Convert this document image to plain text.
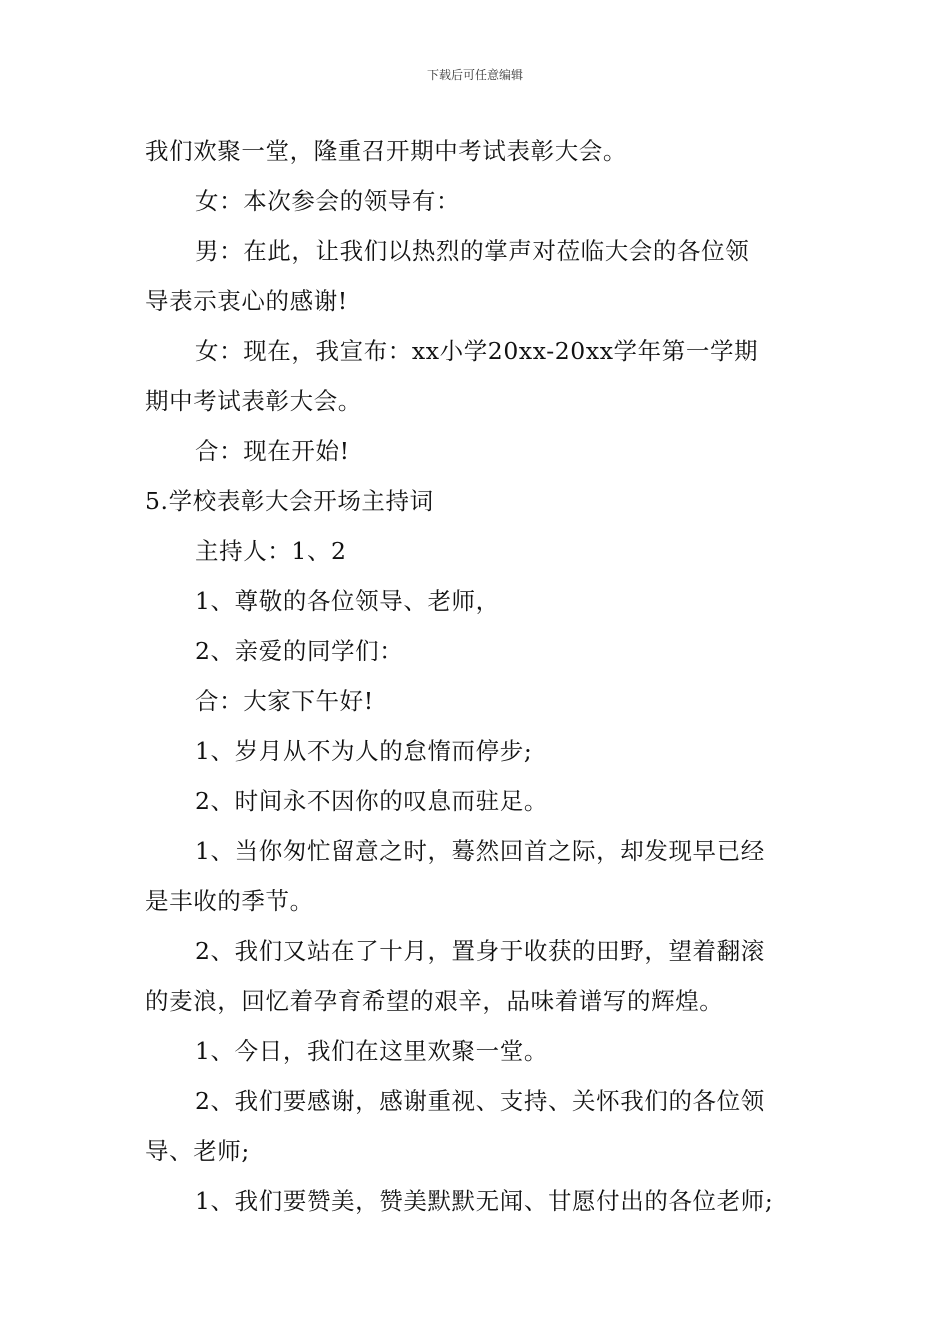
下载后可任意编辑
我们欢聚一堂，隆重召开期中考试表彰大会。
女：本次参会的领导有：
男：在此，让我们以热烈的掌声对莅临大会的各位领
导表示衷心的感谢!
女：现在，我宣布：xx小学20xx-20xx学年第一学期
期中考试表彰大会。
合：现在开始!
5.学校表彰大会开场主持词
主持人：1、2
1、尊敬的各位领导、老师，
2、亲爱的同学们：
合：大家下午好!
1、岁月从不为人的怠惰而停步;
2、时间永不因你的叹息而驻足。
1、当你匆忙留意之时，蓦然回首之际，却发现早已经
是丰收的季节。
2、我们又站在了十月，置身于收获的田野，望着翻滚
的麦浪，回忆着孕育希望的艰辛，品味着谱写的辉煌。
1、今日，我们在这里欢聚一堂。
2、我们要感谢，感谢重视、支持、关怀我们的各位领
导、老师;
1、我们要赞美，赞美默默无闻、甘愿付出的各位老师;
